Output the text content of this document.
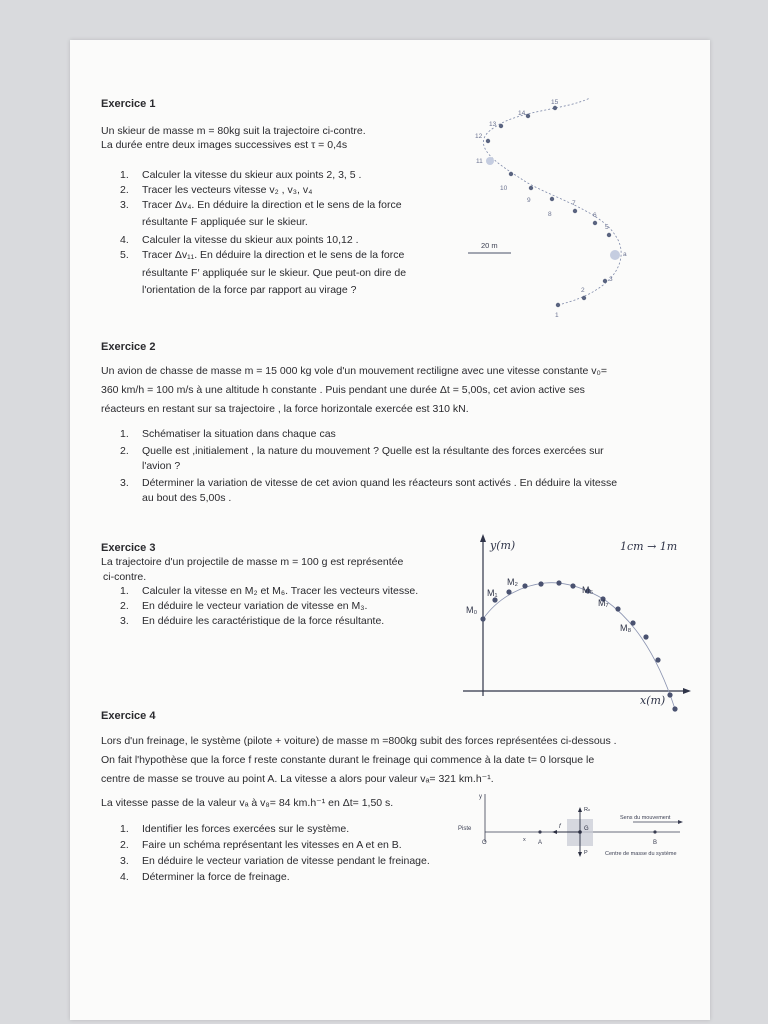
Exercice 1
Un skieur de masse m = 80kg suit la trajectoire ci-contre.
La durée entre deux images successives est τ = 0,4s
1. Calculer la vitesse du skieur aux points 2, 3, 5 .
2. Tracer les vecteurs vitesse v₂ , v₃, v₄
3. Tracer Δv₄. En déduire la direction et le sens de la force
résultante F appliquée sur le skieur.
4. Calculer la vitesse du skieur aux points 10,12 .
5. Tracer Δv₁₁. En déduire la direction et le sens de la force
résultante F′ appliquée sur le skieur. Que peut-on dire de
l'orientation de la force par rapport au virage ?
1
2
3
a
5
6
7
8
9
10
11
12
13
14
15
20 m
Exercice 2
Un avion de chasse de masse m = 15 000 kg vole d'un mouvement rectiligne avec une vitesse constante v₀=
360 km/h = 100 m/s à une altitude h constante . Puis pendant une durée Δt = 5,00s, cet avion active ses
réacteurs en restant sur sa trajectoire , la force horizontale exercée est 310 kN.
1. Schématiser la situation dans chaque cas
2. Quelle est ,initialement , la nature du mouvement ? Quelle est la résultante des forces exercées sur
l'avion ?
3. Déterminer la variation de vitesse de cet avion quand les réacteurs sont activés . En déduire la vitesse
au bout des 5,00s .
Exercice 3
La trajectoire d'un projectile de masse m = 100 g est représentée
ci-contre.
1. Calculer la vitesse en M₂ et M₆. Tracer les vecteurs vitesse.
2. En déduire le vecteur variation de vitesse en M₃.
3. En déduire les caractéristique de la force résultante.
y(m)
x(m)
1cm → 1m
M₀
M₁
M₂
M₆
M₇
M₈
Exercice 4
Lors d'un freinage, le système (pilote + voiture) de masse m =800kg subit des forces représentées ci-dessous .
On fait l'hypothèse que la force f reste constante durant le freinage qui commence à la date t= 0 lorsque le
centre de masse se trouve au point A. La vitesse a alors pour valeur vₐ= 321 km.h⁻¹.
La vitesse passe de la valeur vₐ à v₈= 84 km.h⁻¹ en Δt= 1,50 s.
1. Identifier les forces exercées sur le système.
2. Faire un schéma représentant les vitesses en A et en B.
3. En déduire le vecteur variation de vitesse pendant le freinage.
4. Déterminer la force de freinage.
y
Piste
O	x A
G
Rₙ
P
f
B
Sens du mouvement
Centre de masse du système
